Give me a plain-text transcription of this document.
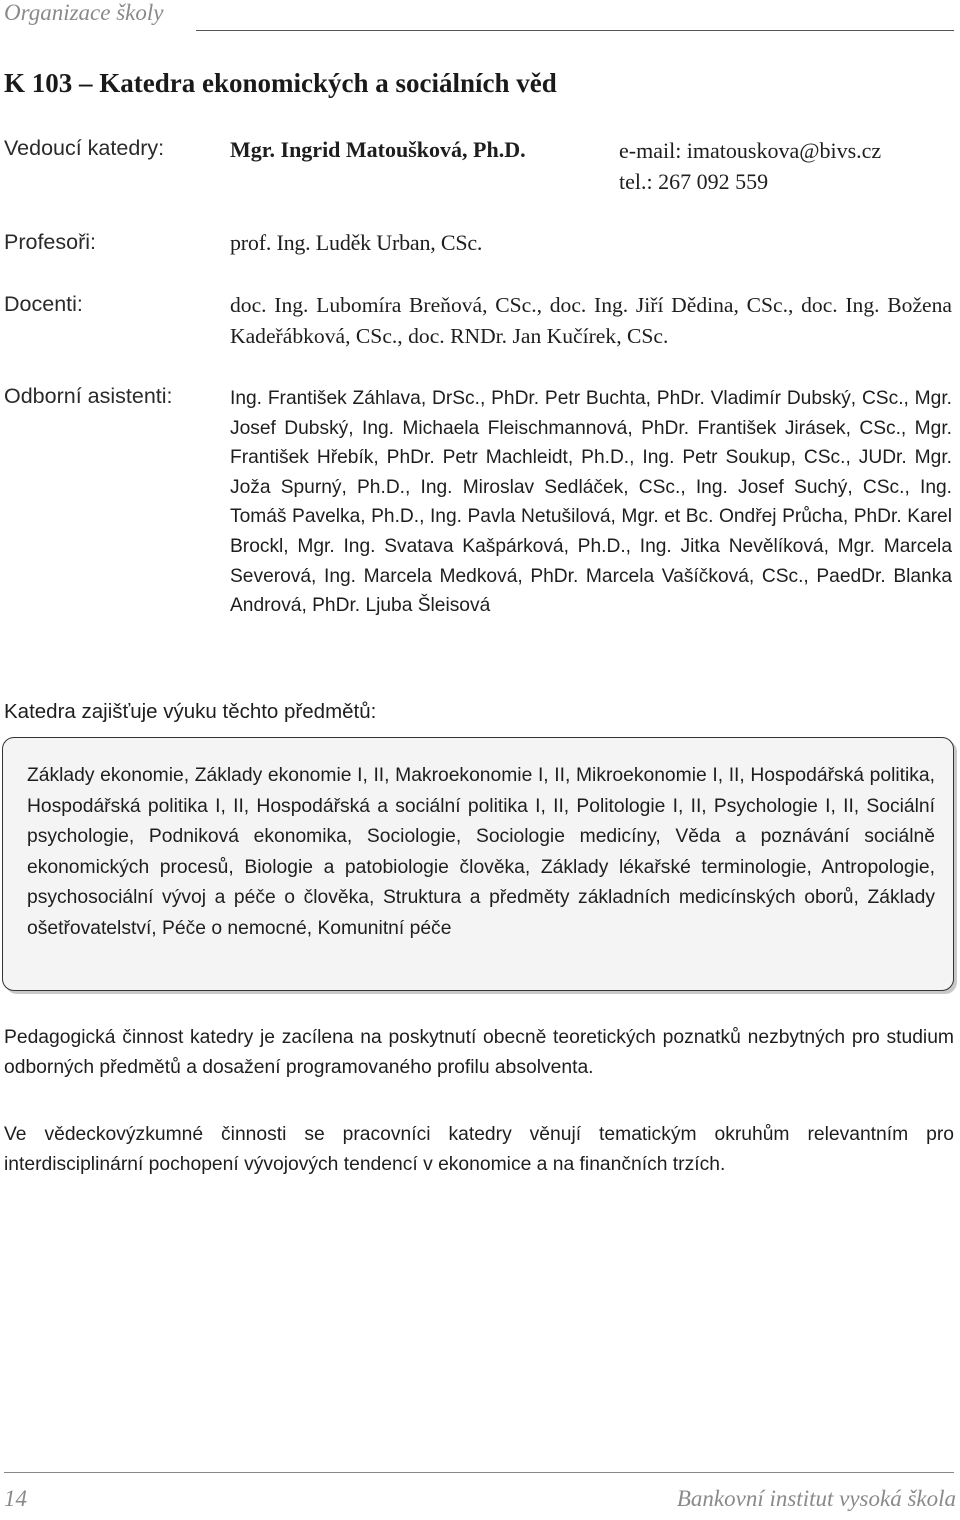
Organizace školy
K 103 – Katedra ekonomických a sociálních věd
Vedoucí katedry:	Mgr. Ingrid Matoušková, Ph.D.	e-mail: imatouskova@bivs.cz
tel.: 267 092 559
Profesoři:	prof. Ing. Luděk Urban, CSc.
Docenti:	doc. Ing. Lubomíra Breňová, CSc., doc. Ing. Jiří Dědina, CSc., doc. Ing. Božena Kadeřábková, CSc., doc. RNDr. Jan Kučírek, CSc.
Odborní asistenti:	Ing. František Záhlava, DrSc., PhDr. Petr Buchta, PhDr. Vladimír Dubský, CSc., Mgr. Josef Dubský, Ing. Michaela Fleischmannová, PhDr. František Jirásek, CSc., Mgr. František Hřebík, PhDr. Petr Machleidt, Ph.D., Ing. Petr Soukup, CSc., JUDr. Mgr. Joža Spurný, Ph.D., Ing. Miroslav Sedláček, CSc., Ing. Josef Suchý, CSc., Ing. Tomáš Pavelka, Ph.D., Ing. Pavla Netušilová, Mgr. et Bc. Ondřej Průcha, PhDr. Karel Brockl, Mgr. Ing. Svatava Kašpárková, Ph.D., Ing. Jitka Nevělíková, Mgr. Marcela Severová, Ing. Marcela Medková, PhDr. Marcela Vašíčková, CSc., PaedDr. Blanka Andrová, PhDr. Ljuba Šleisová
Katedra zajišťuje výuku těchto předmětů:
Základy ekonomie, Základy ekonomie I, II, Makroekonomie I, II, Mikroekonomie I, II, Hospodářská politika, Hospodářská politika I, II, Hospodářská a sociální politika I, II, Politologie I, II, Psychologie I, II, Sociální psychologie, Podniková ekonomika, Sociologie, Sociologie medicíny, Věda a poznávání sociálně ekonomických procesů, Biologie a patobiologie člověka, Základy lékařské terminologie, Antropologie, psychosociální vývoj a péče o člověka, Struktura a předměty základních medicínských oborů, Základy ošetřovatelství, Péče o nemocné, Komunitní péče

Pedagogická činnost katedry je zacílena na poskytnutí obecně teoretických poznatků nezbytných pro studium odborných předmětů a dosažení programovaného profilu absolventa.

Ve vědeckovýzkumné činnosti se pracovníci katedry věnují tematickým okruhům relevantním pro interdisciplinární pochopení vývojových tendencí v ekonomice a na finančních trzích.

14	Bankovní institut vysoká škola
